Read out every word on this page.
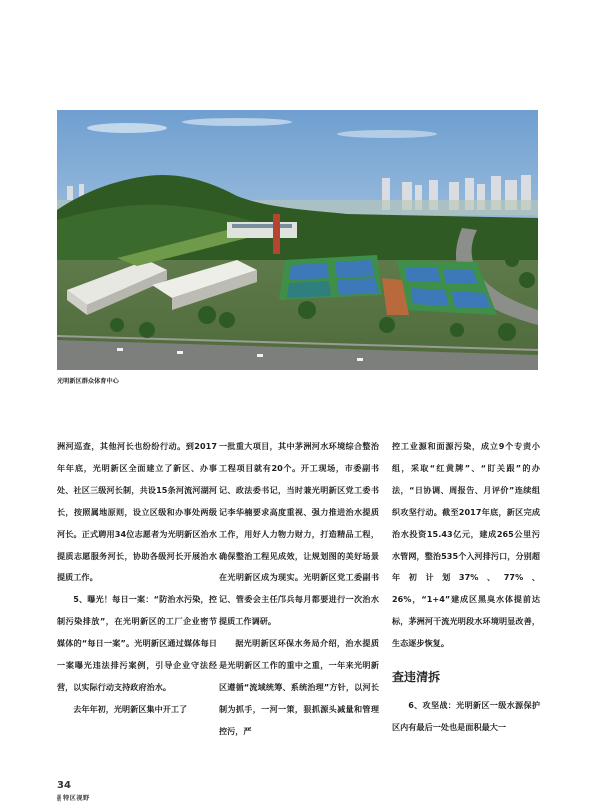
光明新区群众体育中心

洲河巡查，其他河长也纷纷行动。到2017年年底，光明新区全面建立了新区、办事处、社区三级河长制，共设15条河流河湖河长，按照属地原则，设立区级和办事处两级河长。正式聘用34位志愿者为光明新区治水提质志愿服务河长，协助各级河长开展治水提质工作。

5、曝光！每日一案：“防治水污染，控制污染排放”，在光明新区的工厂企业密节媒体的“每日一案”。光明新区通过媒体每日一案曝光违法排污案例，引导企业守法经营，以实际行动支持政府治水。

去年年初，光明新区集中开工了

一批重大项目，其中茅洲河水环境综合整治工程项目就有20个。开工现场，市委副书记、政法委书记，当时兼光明新区党工委书记李华楠要求高度重视、强力推进治水提质工作，用好人力物力财力，打造精品工程，确保整治工程见成效，让规划图的美好场景在光明新区成为现实。光明新区党工委副书记、管委会主任邝兵每月都要进行一次治水提质工作调研。

据光明新区环保水务局介绍，治水提质是光明新区工作的重中之重，一年来光明新区遵循“流域统筹、系统治理”方针，以河长制为抓手，一河一策，狠抓源头减量和管理控污，严

控工业源和面源污染，成立9个专责小组，采取“红黄牌”、“盯关跟”的办法，“日协调、周报告、月评价”连续组织攻坚行动。截至2017年底，新区完成治水投资15.43亿元，建成265公里污水管网，整治535个入河排污口，分别超年初计划37%、77%、26%，“1+4”建成区黑臭水体提前达标，茅洲河干流光明段水环境明显改善，生态逐步恢复。

查违清拆

6、攻坚战：光明新区一级水源保护区内有最后一处也是面积最大一

34
深圳 特区视野
